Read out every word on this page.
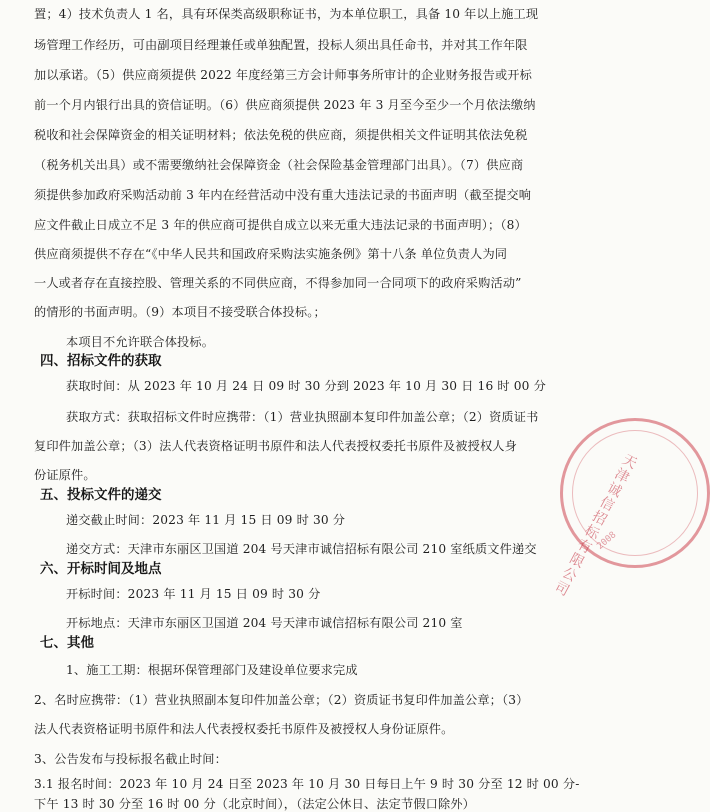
置；4）技术负责人 1 名，具有环保类高级职称证书，为本单位职工，具备 10 年以上施工现
场管理工作经历，可由副项目经理兼任或单独配置，投标人须出具任命书，并对其工作年限
加以承诺。（5）供应商须提供 2022 年度经第三方会计师事务所审计的企业财务报告或开标
前一个月内银行出具的资信证明。（6）供应商须提供 2023 年 3 月至今至少一个月依法缴纳
税收和社会保障资金的相关证明材料；依法免税的供应商，须提供相关文件证明其依法免税
（税务机关出具）或不需要缴纳社会保障资金（社会保险基金管理部门出具）。（7）供应商
须提供参加政府采购活动前 3 年内在经营活动中没有重大违法记录的书面声明（截至提交响
应文件截止日成立不足 3 年的供应商可提供自成立以来无重大违法记录的书面声明）；（8）
供应商须提供不存在“《中华人民共和国政府采购法实施条例》第十八条 单位负责人为同
一人或者存在直接控股、管理关系的不同供应商，不得参加同一合同项下的政府采购活动”
的情形的书面声明。（9）本项目不接受联合体投标。；
本项目不允许联合体投标。
获取时间：从 2023 年 10 月 24 日 09 时 30 分到 2023 年 10 月 30 日 16 时 00 分
获取方式：获取招标文件时应携带：（1）营业执照副本复印件加盖公章；（2）资质证书
复印件加盖公章；（3）法人代表资格证明书原件和法人代表授权委托书原件及被授权人身
份证原件。
递交截止时间：2023 年 11 月 15 日 09 时 30 分
递交方式：天津市东丽区卫国道 204 号天津市诚信招标有限公司 210 室纸质文件递交
开标时间：2023 年 11 月 15 日 09 时 30 分
开标地点：天津市东丽区卫国道 204 号天津市诚信招标有限公司 210 室
1、施工工期：根据环保管理部门及建设单位要求完成
2、名时应携带：（1）营业执照副本复印件加盖公章；（2）资质证书复印件加盖公章；（3）
法人代表资格证明书原件和法人代表授权委托书原件及被授权人身份证原件。
3、公告发布与投标报名截止时间：
3.1 报名时间：2023 年 10 月 24 日至 2023 年 10 月 30 日每日上午 9 时 30 分至 12 时 00 分-
下午 13 时 30 分至 16 时 00 分（北京时间），（法定公休日、法定节假口除外）
四、招标文件的获取
五、投标文件的递交
六、开标时间及地点
七、其他
天津诚信招标有限公司
2008
